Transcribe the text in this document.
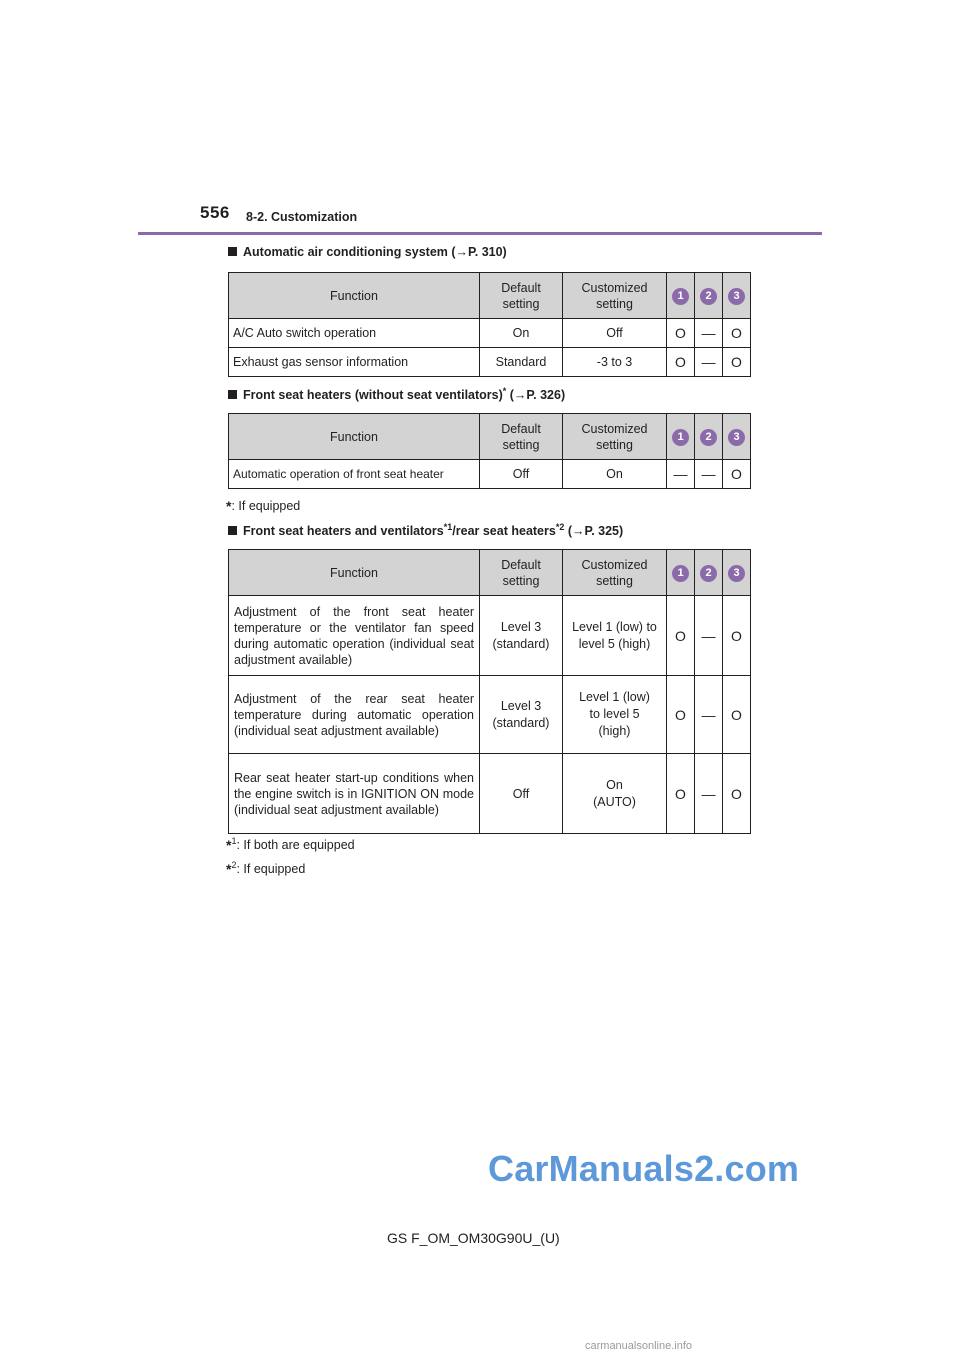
556 8-2. Customization
Automatic air conditioning system (→P. 310)
Function	Default setting	Customized setting	1	2	3
A/C Auto switch operation	On	Off	O	—	O
Exhaust gas sensor information	Standard	-3 to 3	O	—	O
Front seat heaters (without seat ventilators)* (→P. 326)
Function	Default setting	Customized setting	1	2	3
Automatic operation of front seat heater	Off	On	—	—	O
*: If equipped
Front seat heaters and ventilators$^{*1}$/rear seat heaters$^{*2}$ (→P. 325)
Function	Default setting	Customized setting	1	2	3
Adjustment of the front seat heater temperature or the ventilator fan speed during automatic operation (individual seat adjustment available)	Level 3 (standard)	Level 1 (low) to level 5 (high)	O	—	O
Adjustment of the rear seat heater temperature during automatic operation (individual seat adjustment available)	Level 3 (standard)	Level 1 (low) to level 5 (high)	O	—	O
Rear seat heater start-up conditions when the engine switch is in IGNITION ON mode (individual seat adjustment available)	Off	On (AUTO)	O	—	O
*$^1$: If both are equipped
*$^2$: If equipped
CarManuals2.com
GS F_OM_OM30G90U_(U)
carmanualsonline.info
